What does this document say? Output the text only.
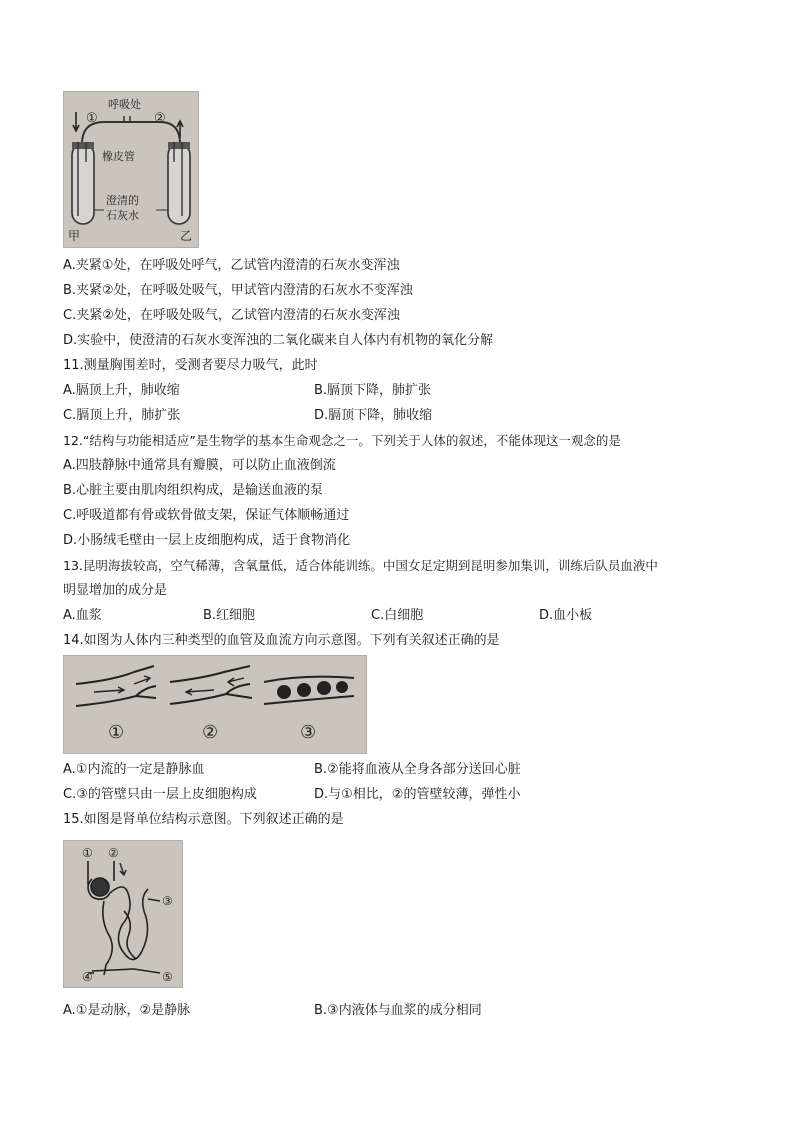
呼吸处
①	②
橡皮管
澄清的
石灰水
甲	乙
A.夹紧①处，在呼吸处呼气，乙试管内澄清的石灰水变浑浊
B.夹紧②处，在呼吸处吸气，甲试管内澄清的石灰水不变浑浊
C.夹紧②处，在呼吸处吸气，乙试管内澄清的石灰水变浑浊
D.实验中，使澄清的石灰水变浑浊的二氧化碳来自人体内有机物的氧化分解
11.测量胸围差时，受测者要尽力吸气，此时
A.膈顶上升，肺收缩	B.膈顶下降，肺扩张
C.膈顶上升，肺扩张	D.膈顶下降，肺收缩
12.“结构与功能相适应”是生物学的基本生命观念之一。下列关于人体的叙述，不能体现这一观念的是
A.四肢静脉中通常具有瓣膜，可以防止血液倒流
B.心脏主要由肌肉组织构成，是输送血液的泵
C.呼吸道都有骨或软骨做支架，保证气体顺畅通过
D.小肠绒毛壁由一层上皮细胞构成，适于食物消化
13.昆明海拔较高，空气稀薄，含氧量低，适合体能训练。中国女足定期到昆明参加集训，训练后队员血液中
明显增加的成分是
A.血浆	B.红细胞	C.白细胞	D.血小板
14.如图为人体内三种类型的血管及血流方向示意图。下列有关叙述正确的是
①	②	③
A.①内流的一定是静脉血	B.②能将血液从全身各部分送回心脏
C.③的管壁只由一层上皮细胞构成	D.与①相比，②的管壁较薄，弹性小
15.如图是肾单位结构示意图。下列叙述正确的是
① ②
③
④	⑤
A.①是动脉，②是静脉	B.③内液体与血浆的成分相同
